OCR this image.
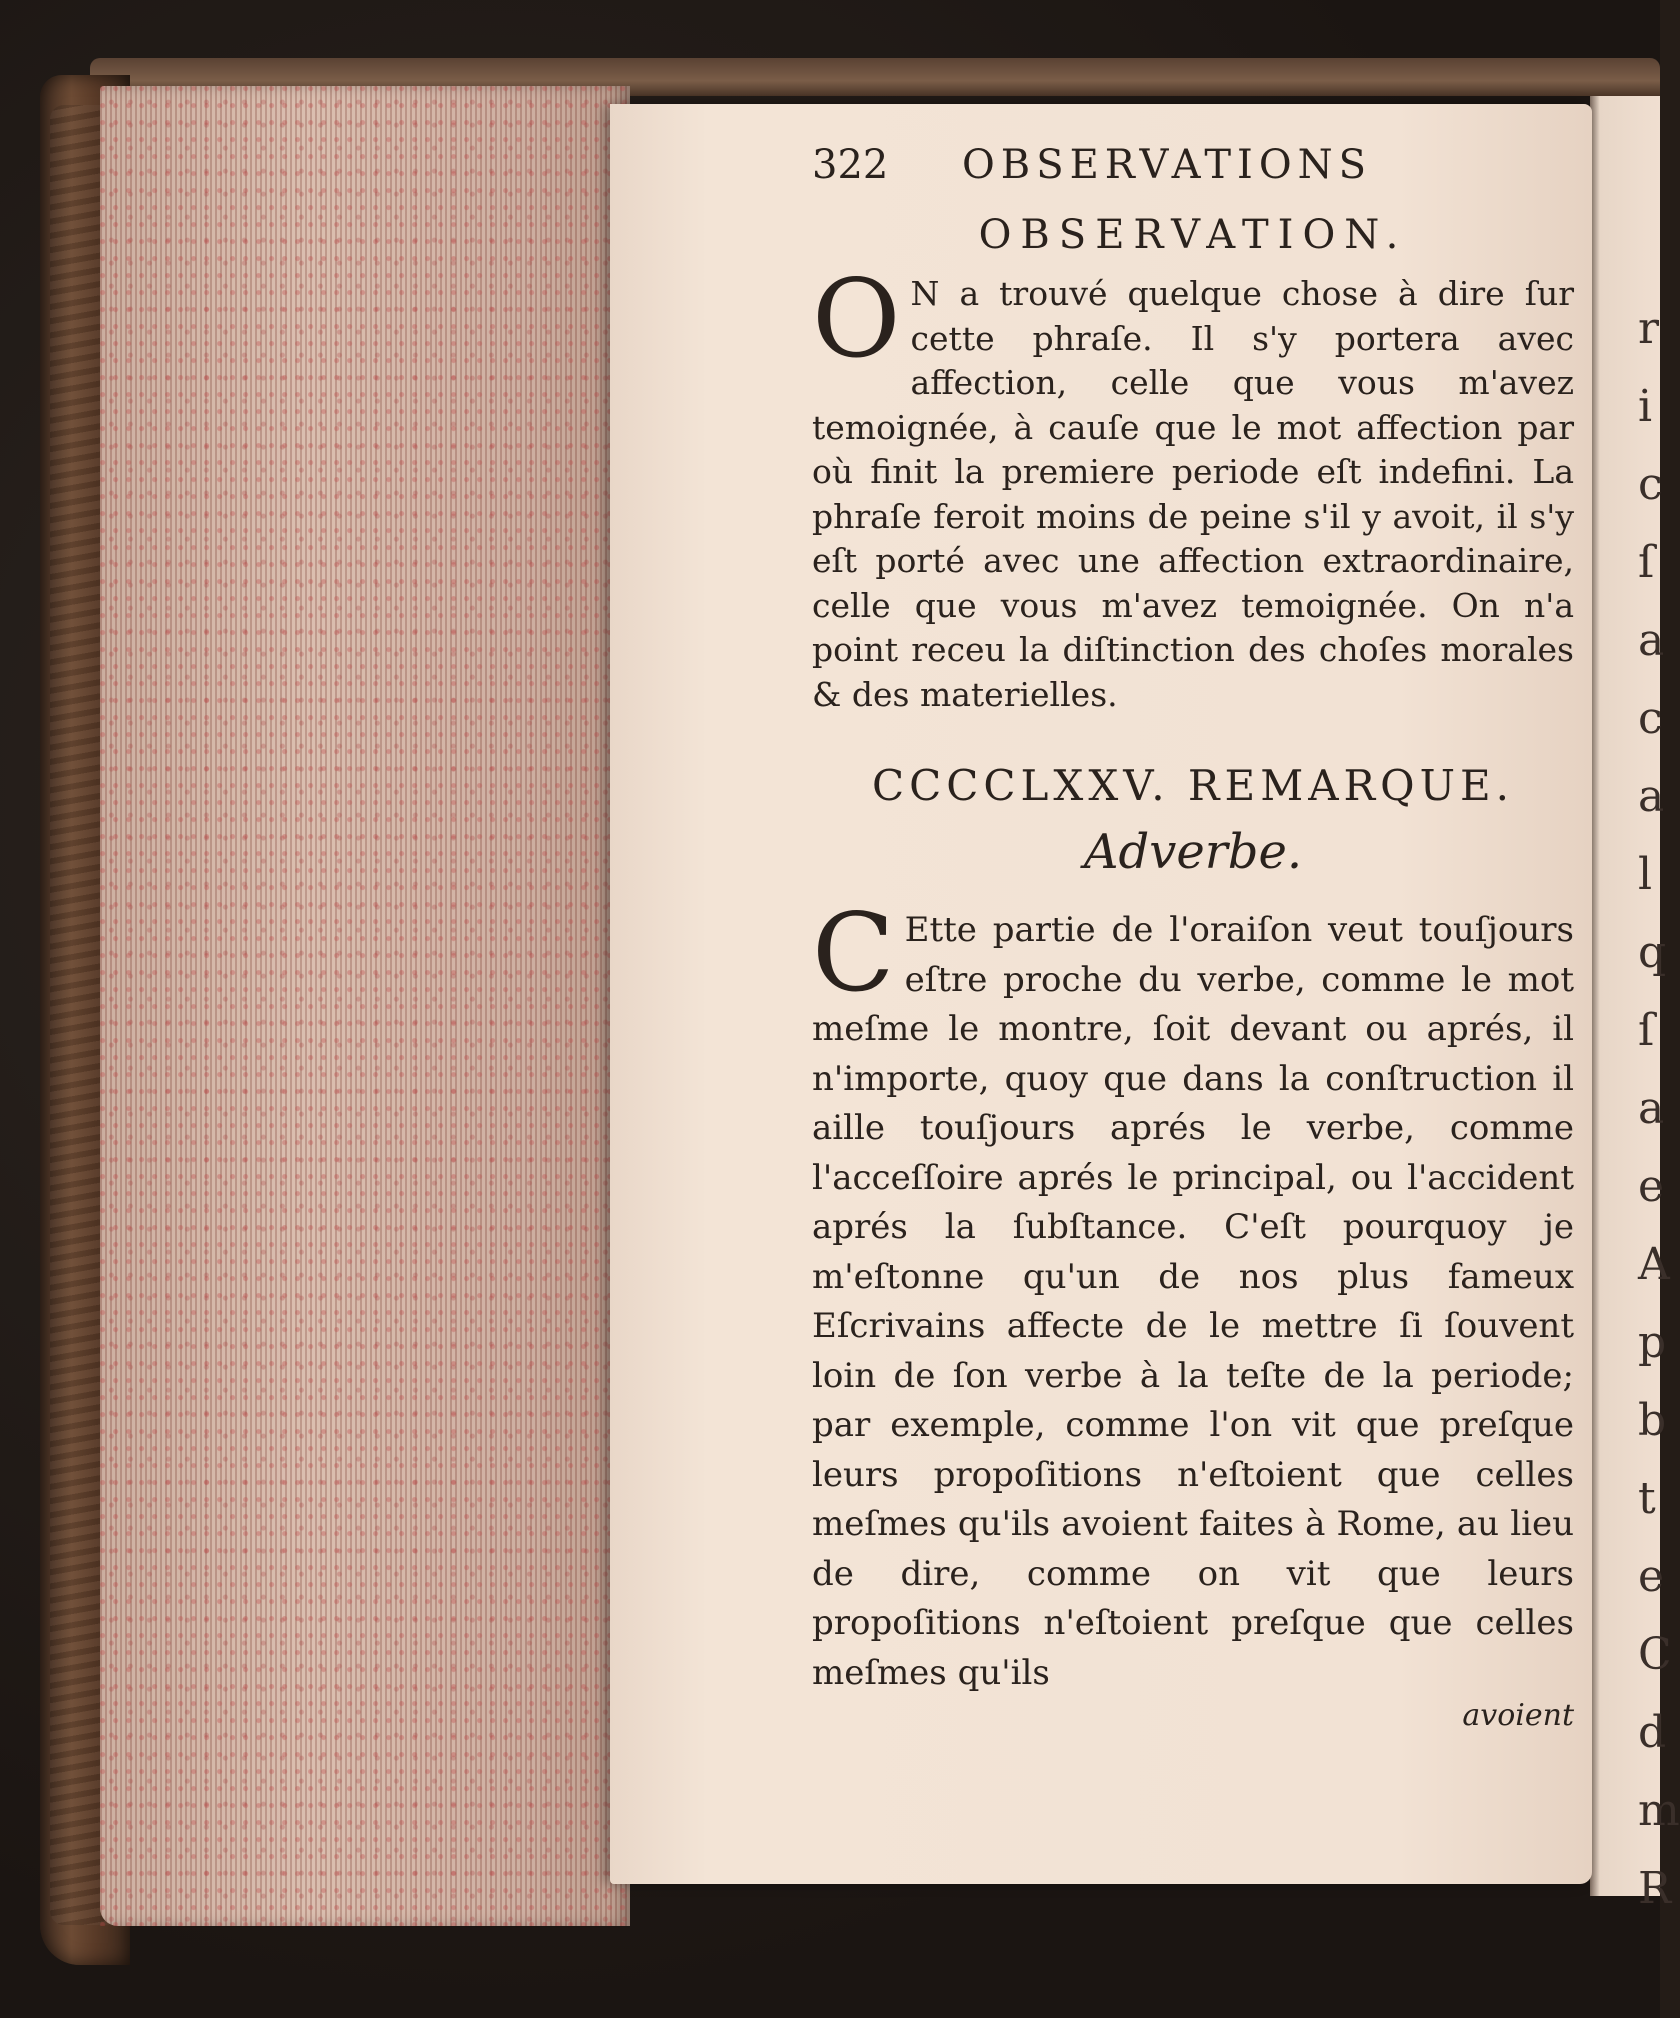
r
i
c
ſ
a
c
a
l
q
ſ
a
e
A
p
b
t
e
C
d
m
R
322	OBSERVATIONS
OBSERVATION.

O N a trouvé quelque chose à dire ſur cette phraſe. Il s'y portera avec affection, celle que vous m'avez temoignée, à cauſe que le mot affection par où finit la premiere periode eſt indefini. La phraſe feroit moins de peine s'il y avoit, il s'y eſt porté avec une affection extraordinaire, celle que vous m'avez temoignée. On n'a point receu la diſtinction des choſes morales & des materielles.

CCCCLXXV. REMARQUE.
Adverbe.

C Ette partie de l'oraiſon veut touſjours eſtre proche du verbe, comme le mot meſme le montre, ſoit devant ou aprés, il n'importe, quoy que dans la conſtruction il aille touſjours aprés le verbe, comme l'acceſſoire aprés le principal, ou l'accident aprés la ſubſtance. C'eſt pourquoy je m'eſtonne qu'un de nos plus fameux Eſcrivains affecte de le mettre ſi ſouvent loin de ſon verbe à la teſte de la periode; par exemple, comme l'on vit que preſque leurs propoſitions n'eſtoient que celles meſmes qu'ils avoient faites à Rome, au lieu de dire, comme on vit que leurs propoſitions n'eſtoient preſque que celles meſmes qu'ils

avoient
